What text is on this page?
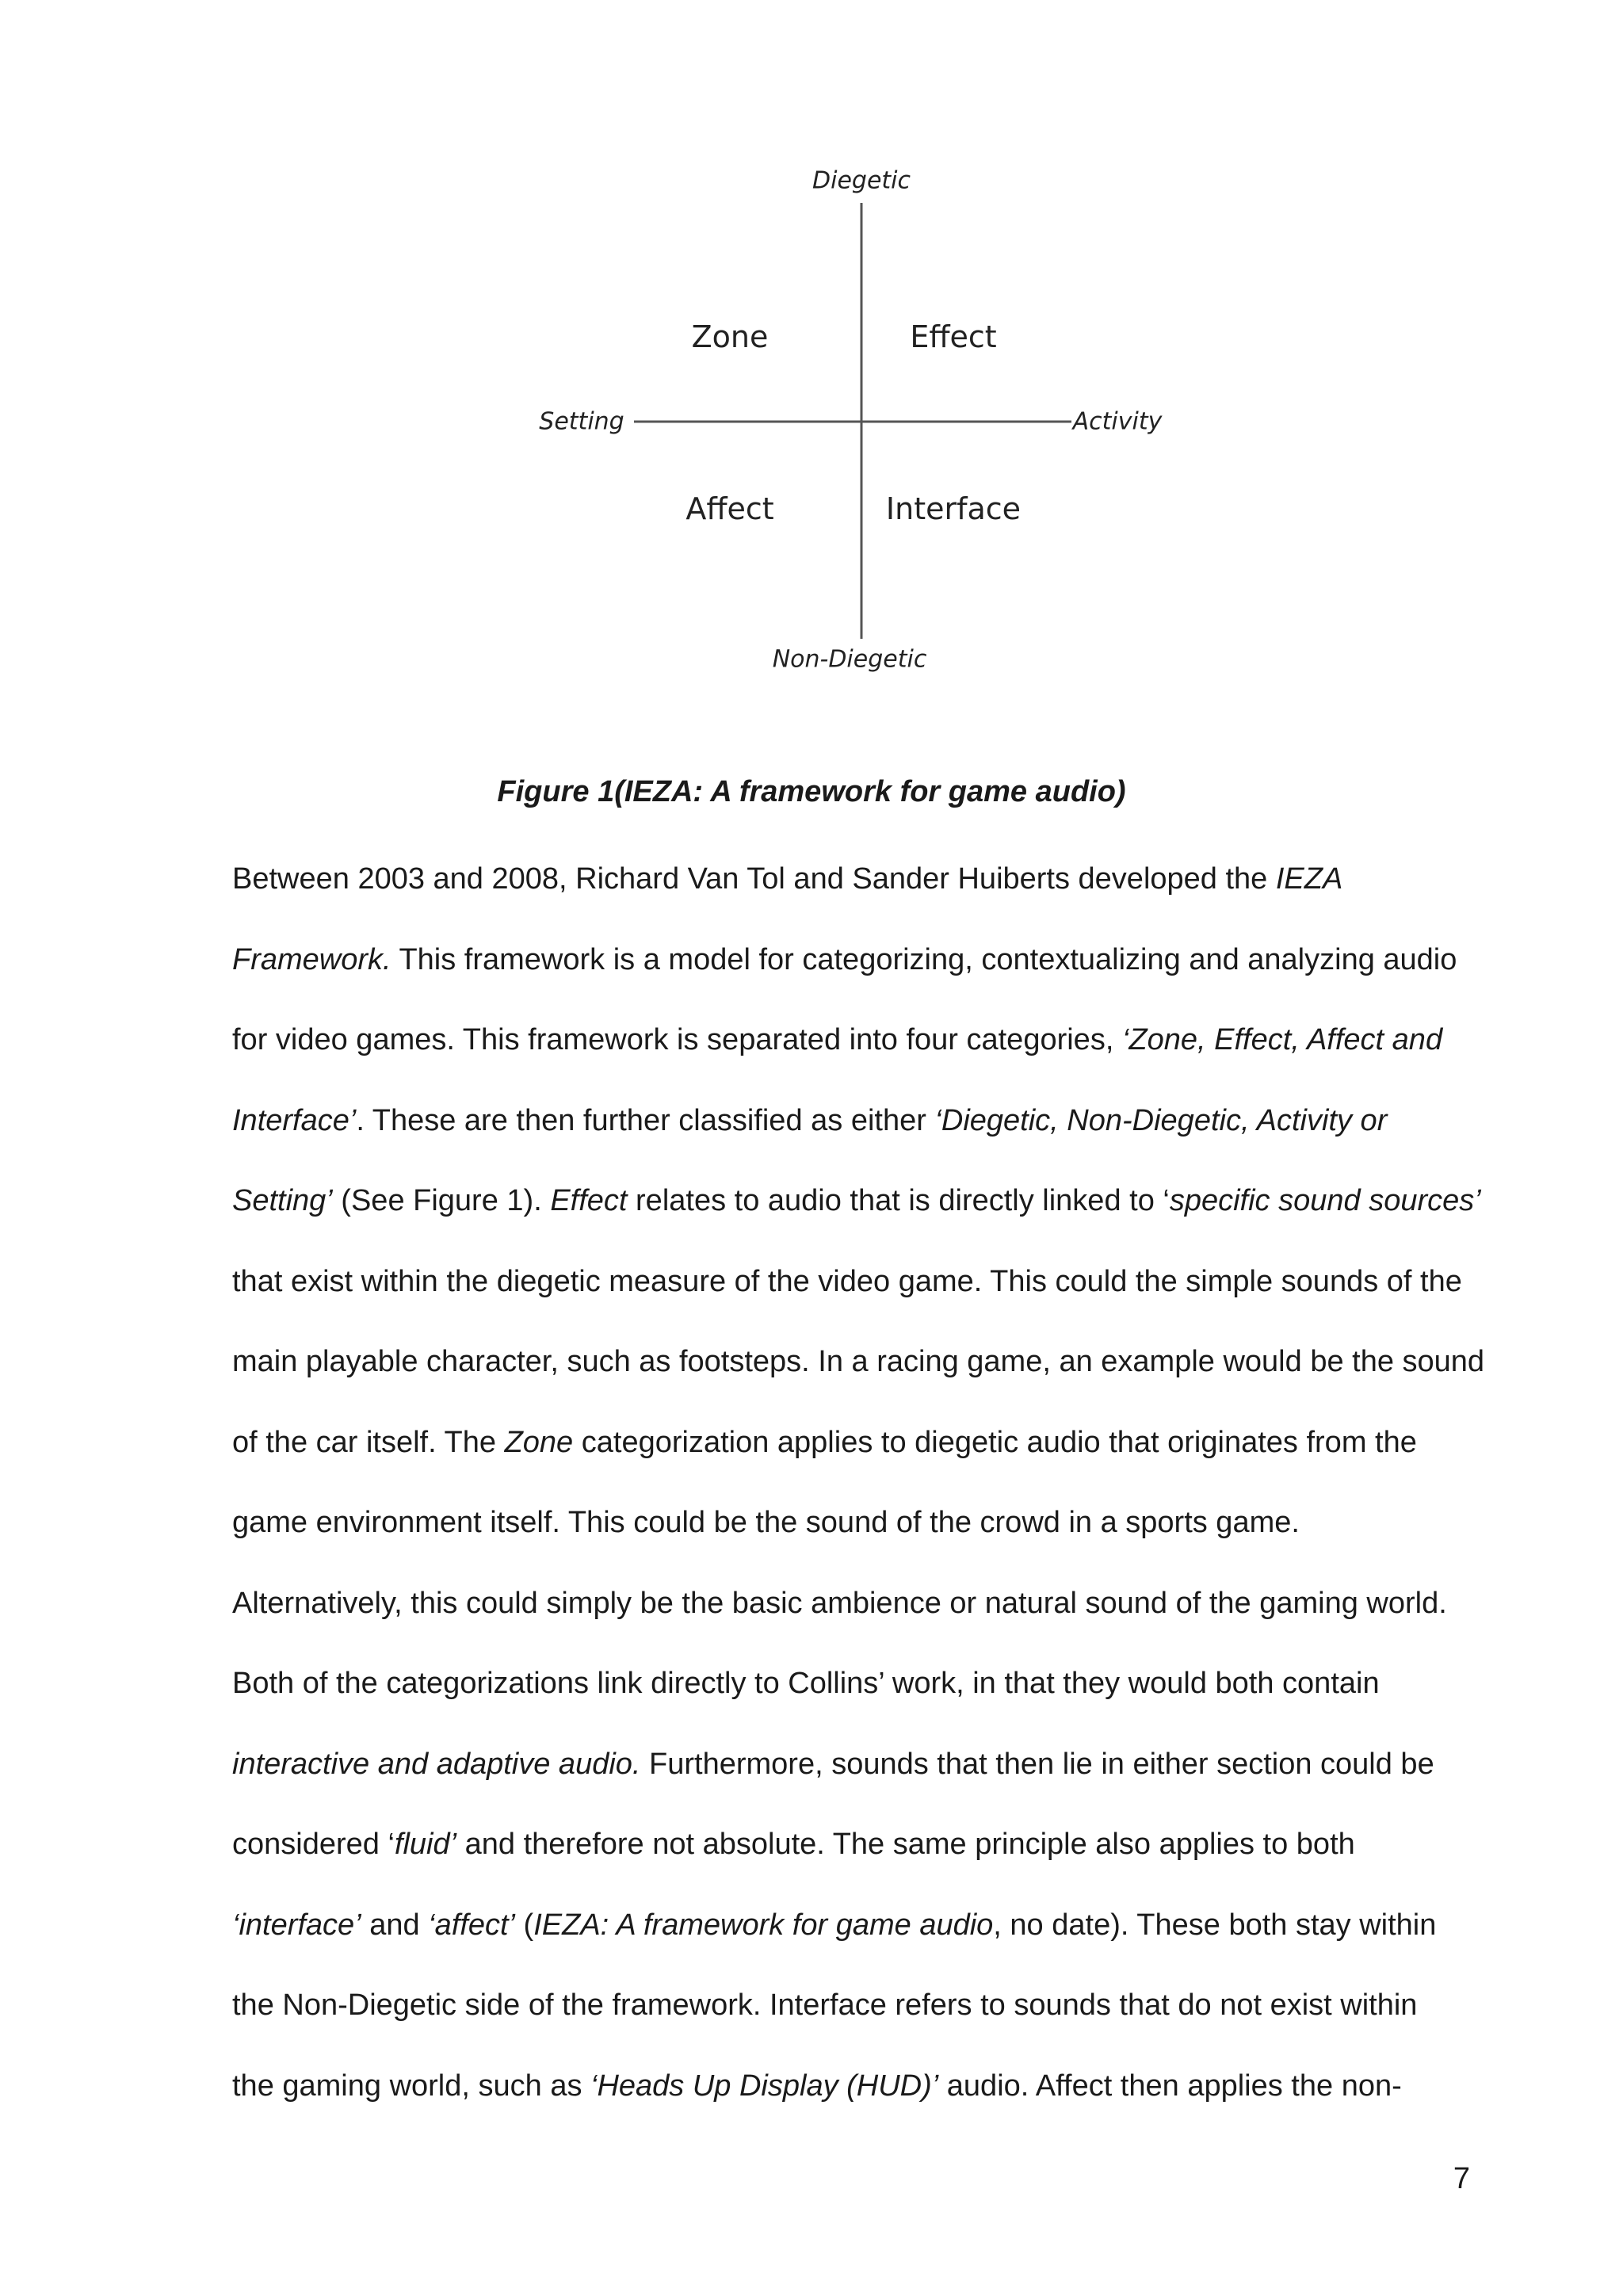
Diegetic
Non-Diegetic
Setting	Activity
Zone	Effect
Affect	Interface
Figure 1(IEZA: A framework for game audio)
Between 2003 and 2008, Richard Van Tol and Sander Huiberts developed the IEZA
Framework. This framework is a model for categorizing, contextualizing and analyzing audio
for video games. This framework is separated into four categories, ‘Zone, Effect, Affect and
Interface’. These are then further classified as either ‘Diegetic, Non-Diegetic, Activity or
Setting’ (See Figure 1). Effect relates to audio that is directly linked to ‘specific sound sources’
that exist within the diegetic measure of the video game. This could the simple sounds of the
main playable character, such as footsteps. In a racing game, an example would be the sound
of the car itself. The Zone categorization applies to diegetic audio that originates from the
game environment itself. This could be the sound of the crowd in a sports game.
Alternatively, this could simply be the basic ambience or natural sound of the gaming world.
Both of the categorizations link directly to Collins’ work, in that they would both contain
interactive and adaptive audio. Furthermore, sounds that then lie in either section could be
considered ‘fluid’ and therefore not absolute. The same principle also applies to both
‘interface’ and ‘affect’ (IEZA: A framework for game audio, no date). These both stay within
the Non-Diegetic side of the framework. Interface refers to sounds that do not exist within
the gaming world, such as ‘Heads Up Display (HUD)’ audio. Affect then applies the non-
7
